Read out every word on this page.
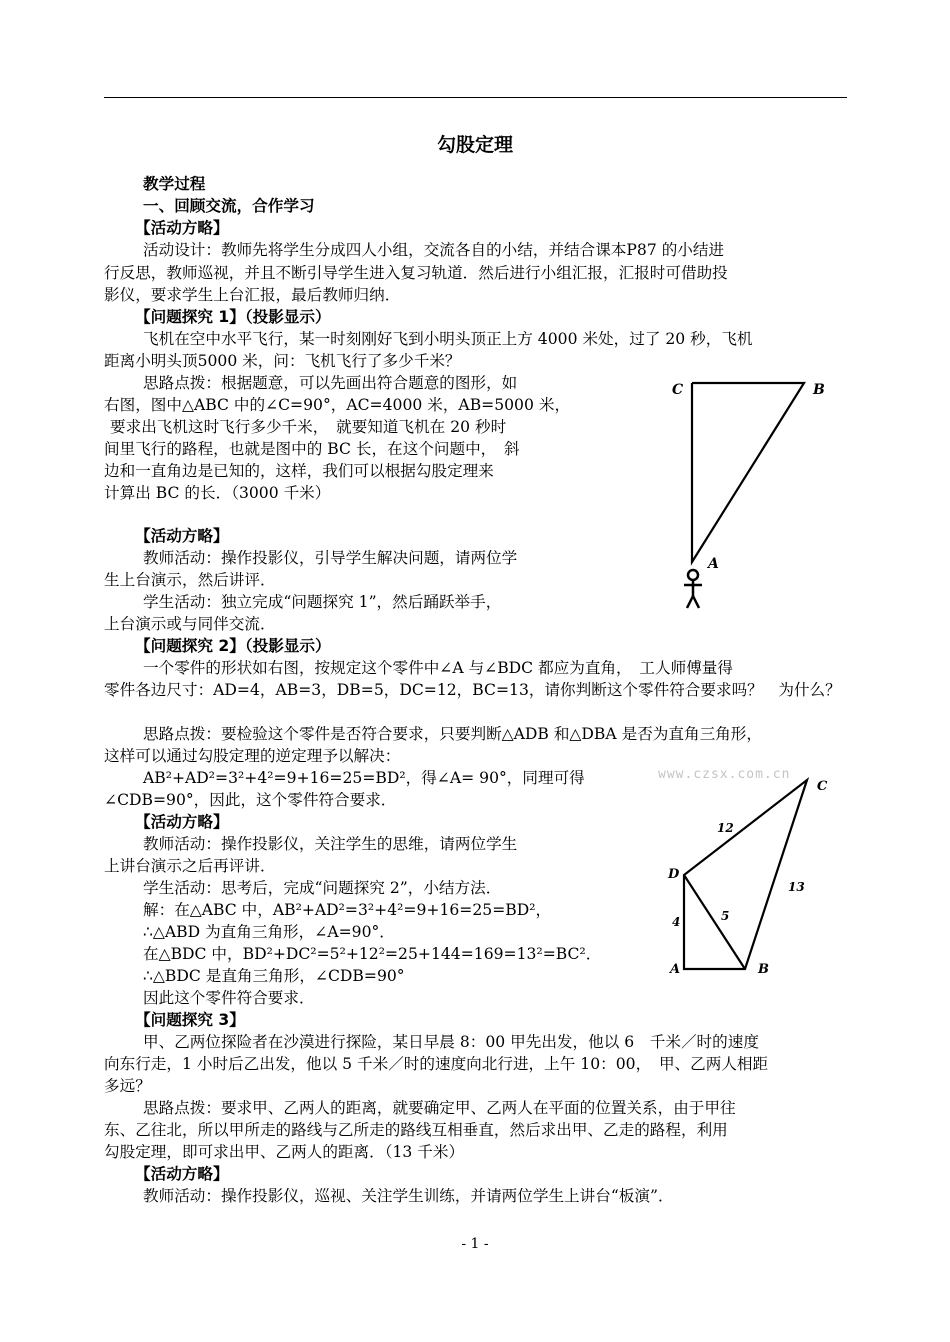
勾股定理
教学过程
一、回顾交流，合作学习
【活动方略】
活动设计：教师先将学生分成四人小组，交流各自的小结，并结合课本P87 的小结进
行反思，教师巡视，并且不断引导学生进入复习轨道．然后进行小组汇报，汇报时可借助投
影仪，要求学生上台汇报，最后教师归纳．
【问题探究 1】（投影显示）
飞机在空中水平飞行，某一时刻刚好飞到小明头顶正上方 4000 米处，过了 20 秒，飞机
距离小明头顶5000 米，问：飞机飞行了多少千米？
思路点拨：根据题意，可以先画出符合题意的图形，如
右图，图中△ABC 中的∠C=90°，AC=4000 米，AB=5000 米，
要求出飞机这时飞行多少千米，　就要知道飞机在 20 秒时
间里飞行的路程，也就是图中的 BC 长，在这个问题中，　斜
边和一直角边是已知的，这样，我们可以根据勾股定理来
计算出 BC 的长．（3000 千米）
【活动方略】
教师活动：操作投影仪，引导学生解决问题，请两位学
生上台演示，然后讲评．
学生活动：独立完成“问题探究 1”，然后踊跃举手，
上台演示或与同伴交流．
【问题探究 2】（投影显示）
一个零件的形状如右图，按规定这个零件中∠A 与∠BDC 都应为直角，　工人师傅量得
零件各边尺寸：AD=4，AB=3，DB=5，DC=12，BC=13，请你判断这个零件符合要求吗？　为什么？
思路点拨：要检验这个零件是否符合要求，只要判断△ADB 和△DBA 是否为直角三角形，
这样可以通过勾股定理的逆定理予以解决：
AB²+AD²=3²+4²=9+16=25=BD²，得∠A= 90°，同理可得
∠CDB=90°，因此，这个零件符合要求．
【活动方略】
教师活动：操作投影仪，关注学生的思维，请两位学生
上讲台演示之后再评讲．
学生活动：思考后，完成“问题探究 2”，小结方法．
解：在△ABC 中，AB²+AD²=3²+4²=9+16=25=BD²，
∴△ABD 为直角三角形，∠A=90°．
在△BDC 中，BD²+DC²=5²+12²=25+144=169=13²=BC²．
∴△BDC 是直角三角形，∠CDB=90°
因此这个零件符合要求．
【问题探究 3】
甲、乙两位探险者在沙漠进行探险，某日早晨 8：00 甲先出发，他以 6　千米／时的速度
向东行走，1 小时后乙出发，他以 5 千米／时的速度向北行进，上午 10：00，　甲、乙两人相距
多远？
思路点拨：要求甲、乙两人的距离，就要确定甲、乙两人在平面的位置关系，由于甲往
东、乙往北，所以甲所走的路线与乙所走的路线互相垂直，然后求出甲、乙走的路程，利用
勾股定理，即可求出甲、乙两人的距离．（13 千米）
【活动方略】
教师活动：操作投影仪，巡视、关注学生训练，并请两位学生上讲台“板演”．
C	B
A
A	B
C
D
12
13
5
4
www.czsx.com.cn
- 1 -
